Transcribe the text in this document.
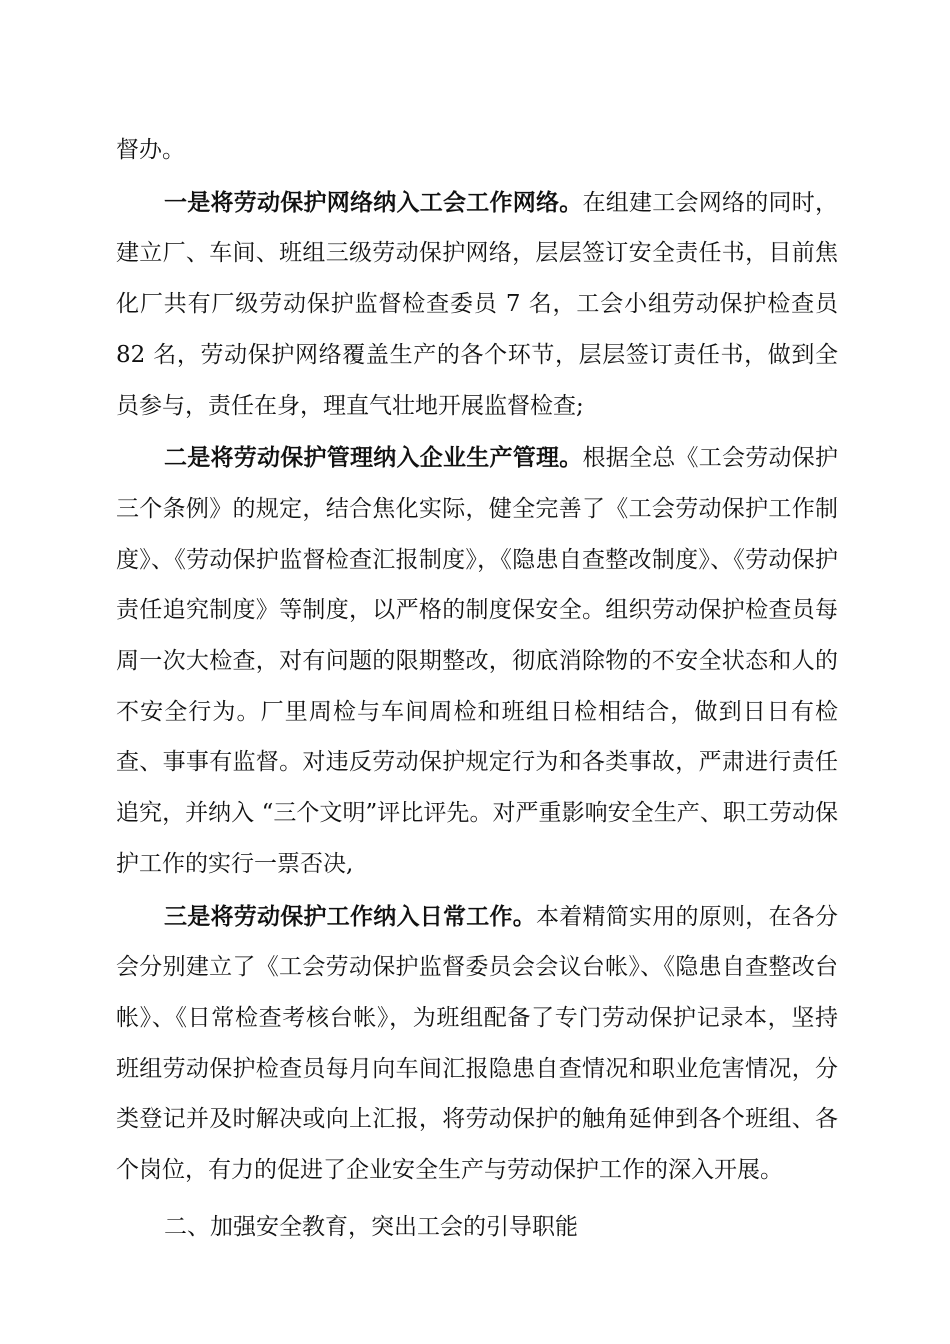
督办。

一是将劳动保护网络纳入工会工作网络。在组建工会网络的同时，建立厂、车间、班组三级劳动保护网络，层层签订安全责任书，目前焦化厂共有厂级劳动保护监督检查委员 7 名，工会小组劳动保护检查员 82 名，劳动保护网络覆盖生产的各个环节，层层签订责任书，做到全员参与，责任在身，理直气壮地开展监督检查;

二是将劳动保护管理纳入企业生产管理。根据全总《工会劳动保护三个条例》的规定，结合焦化实际，健全完善了《工会劳动保护工作制度》、《劳动保护监督检查汇报制度》，《隐患自查整改制度》、《劳动保护责任追究制度》等制度，以严格的制度保安全。组织劳动保护检查员每周一次大检查，对有问题的限期整改，彻底消除物的不安全状态和人的不安全行为。厂里周检与车间周检和班组日检相结合，做到日日有检查、事事有监督。对违反劳动保护规定行为和各类事故，严肃进行责任追究，并纳入 “三个文明”评比评先。对严重影响安全生产、职工劳动保护工作的实行一票否决,

三是将劳动保护工作纳入日常工作。本着精简实用的原则，在各分会分别建立了《工会劳动保护监督委员会会议台帐》、《隐患自查整改台帐》、《日常检查考核台帐》，为班组配备了专门劳动保护记录本，坚持班组劳动保护检查员每月向车间汇报隐患自查情况和职业危害情况，分类登记并及时解决或向上汇报，将劳动保护的触角延伸到各个班组、各个岗位，有力的促进了企业安全生产与劳动保护工作的深入开展。

二、加强安全教育，突出工会的引导职能
